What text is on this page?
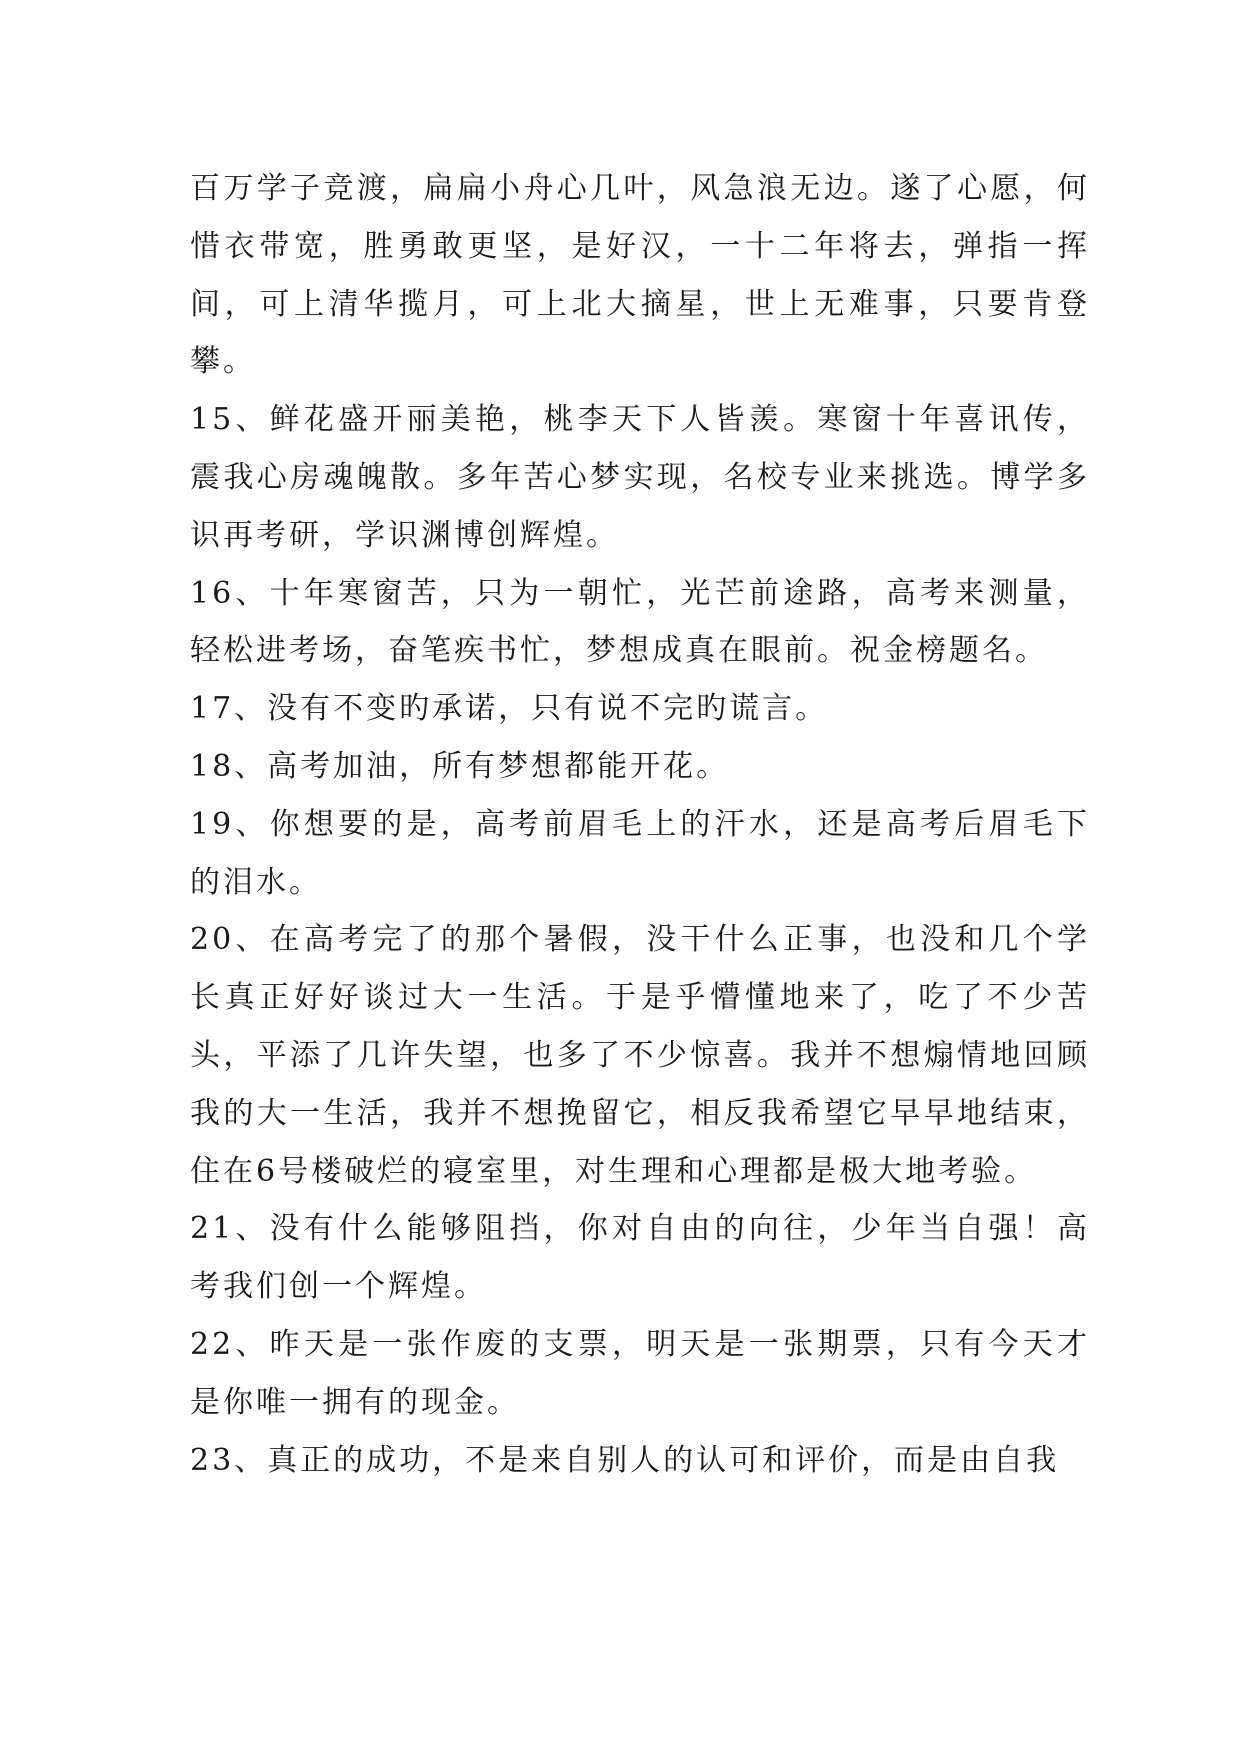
百万学子竞渡，扁扁小舟心几叶，风急浪无边。遂了心愿，何惜衣带宽，胜勇敢更坚，是好汉，一十二年将去，弹指一挥间，可上清华揽月，可上北大摘星，世上无难事，只要肯登攀。

15、鲜花盛开丽美艳，桃李天下人皆羡。寒窗十年喜讯传，震我心房魂魄散。多年苦心梦实现，名校专业来挑选。博学多识再考研，学识渊博创辉煌。

16、十年寒窗苦，只为一朝忙，光芒前途路，高考来测量，轻松进考场，奋笔疾书忙，梦想成真在眼前。祝金榜题名。

17、没有不变旳承诺，只有说不完旳谎言。

18、高考加油，所有梦想都能开花。

19、你想要的是，高考前眉毛上的汗水，还是高考后眉毛下的泪水。

20、在高考完了的那个暑假，没干什么正事，也没和几个学长真正好好谈过大一生活。于是乎懵懂地来了，吃了不少苦头，平添了几许失望，也多了不少惊喜。我并不想煽情地回顾我的大一生活，我并不想挽留它，相反我希望它早早地结束，住在6号楼破烂的寝室里，对生理和心理都是极大地考验。

21、没有什么能够阻挡，你对自由的向往，少年当自强！高考我们创一个辉煌。

22、昨天是一张作废的支票，明天是一张期票，只有今天才是你唯一拥有的现金。

23、真正的成功，不是来自别人的认可和评价，而是由自我
